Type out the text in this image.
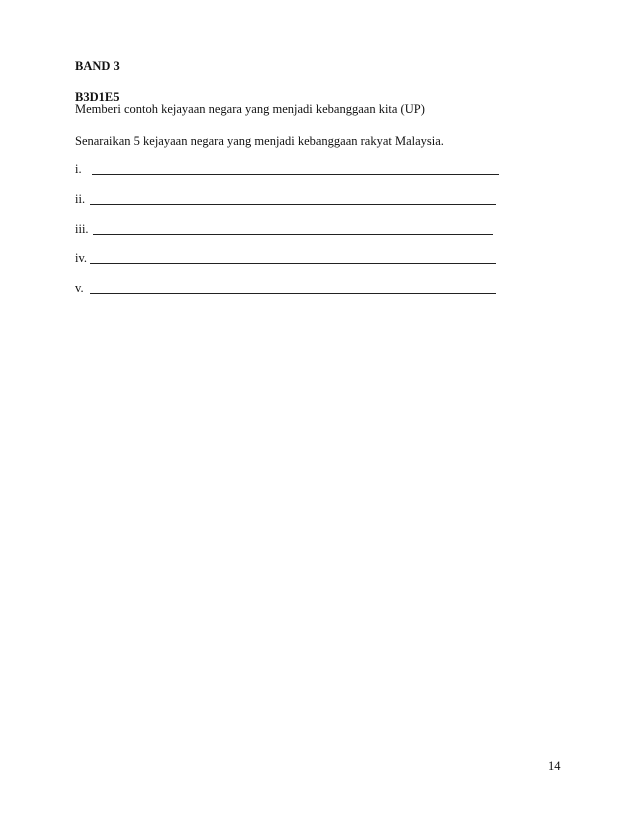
BAND 3
B3D1E5
Memberi contoh kejayaan negara yang menjadi kebanggaan kita (UP)
Senaraikan 5 kejayaan negara yang menjadi kebanggaan rakyat Malaysia.
i.
ii.
iii.
iv.
v.
14
